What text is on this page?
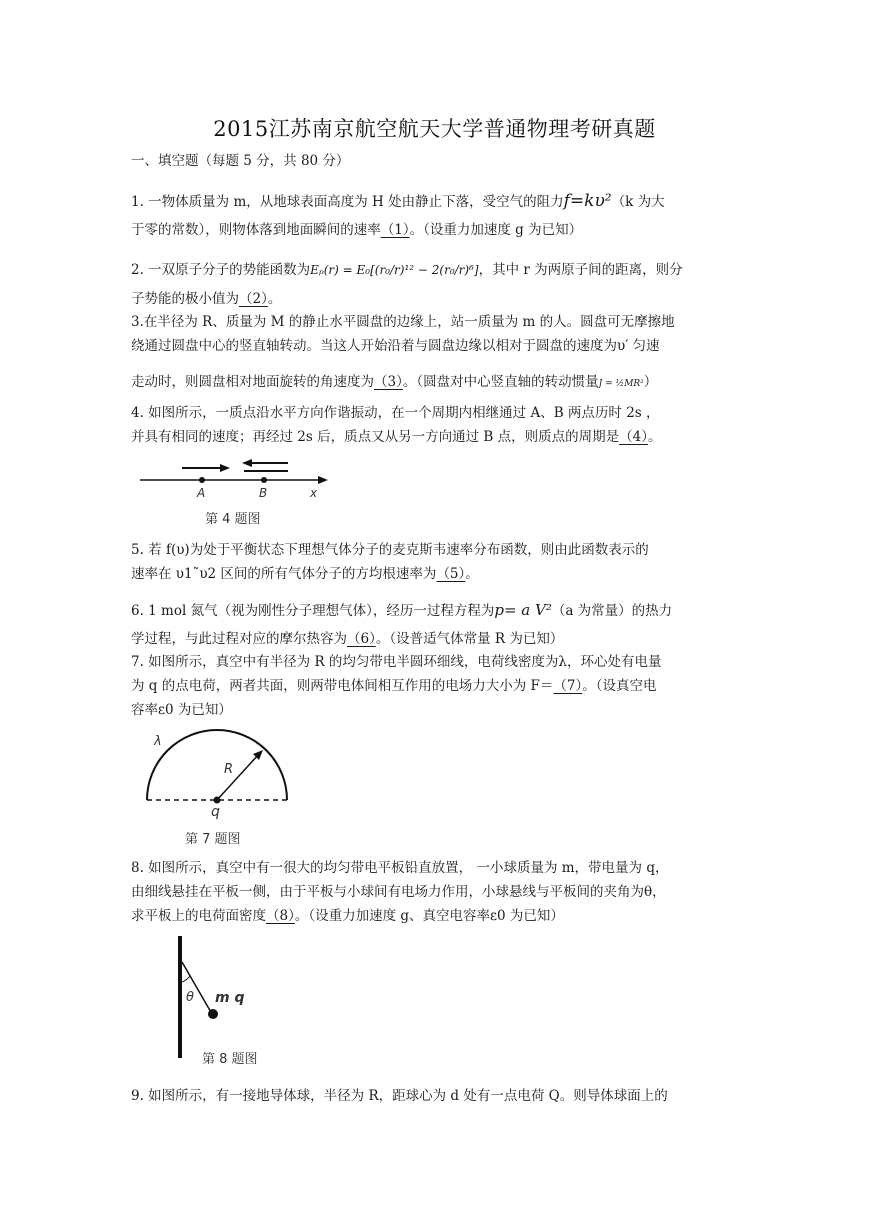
2015江苏南京航空航天大学普通物理考研真题
一、填空题（每题 5 分，共 80 分）
1. 一物体质量为 m，从地球表面高度为 H 处由静止下落，受空气的阻力f=kυ²（k 为大
于零的常数），则物体落到地面瞬间的速率（1）。（设重力加速度 g 为已知）
2. 一双原子分子的势能函数为Eₚ(r) = E₀[(r₀/r)¹² − 2(r₀/r)⁶]，其中 r 为两原子间的距离，则分
子势能的极小值为（2）。
3.在半径为 R、质量为 M 的静止水平圆盘的边缘上，站一质量为 m 的人。圆盘可无摩擦地
绕通过圆盘中心的竖直轴转动。当这人开始沿着与圆盘边缘以相对于圆盘的速度为υ′ 匀速
走动时，则圆盘相对地面旋转的角速度为（3）。（圆盘对中心竖直轴的转动惯量J = ½MR²）
4. 如图所示，一质点沿水平方向作谐振动，在一个周期内相继通过 A、B 两点历时 2s ，
并具有相同的速度；再经过 2s 后，质点又从另一方向通过 B 点，则质点的周期是（4）。
A	B	x
第 4 题图
5. 若 f(υ)为处于平衡状态下理想气体分子的麦克斯韦速率分布函数，则由此函数表示的
速率在 υ1˜υ2 区间的所有气体分子的方均根速率为（5）。
6. 1 mol 氮气（视为刚性分子理想气体），经历一过程方程为p= a V²（a 为常量）的热力
学过程，与此过程对应的摩尔热容为（6）。（设普适气体常量 R 为已知）
7. 如图所示，真空中有半径为 R 的均匀带电半圆环细线，电荷线密度为λ，环心处有电量
为 q 的点电荷，两者共面，则两带电体间相互作用的电场力大小为 F＝（7）。（设真空电
容率ε0 为已知）
λ
R
q
第 7 题图
8. 如图所示，真空中有一很大的均匀带电平板铅直放置， 一小球质量为 m，带电量为 q，
由细线悬挂在平板一侧，由于平板与小球间有电场力作用，小球悬线与平板间的夹角为θ，
求平板上的电荷面密度（8）。（设重力加速度 g、真空电容率ε0 为已知）
θ m q
第 8 题图
9. 如图所示，有一接地导体球，半径为 R，距球心为 d 处有一点电荷 Q。则导体球面上的
